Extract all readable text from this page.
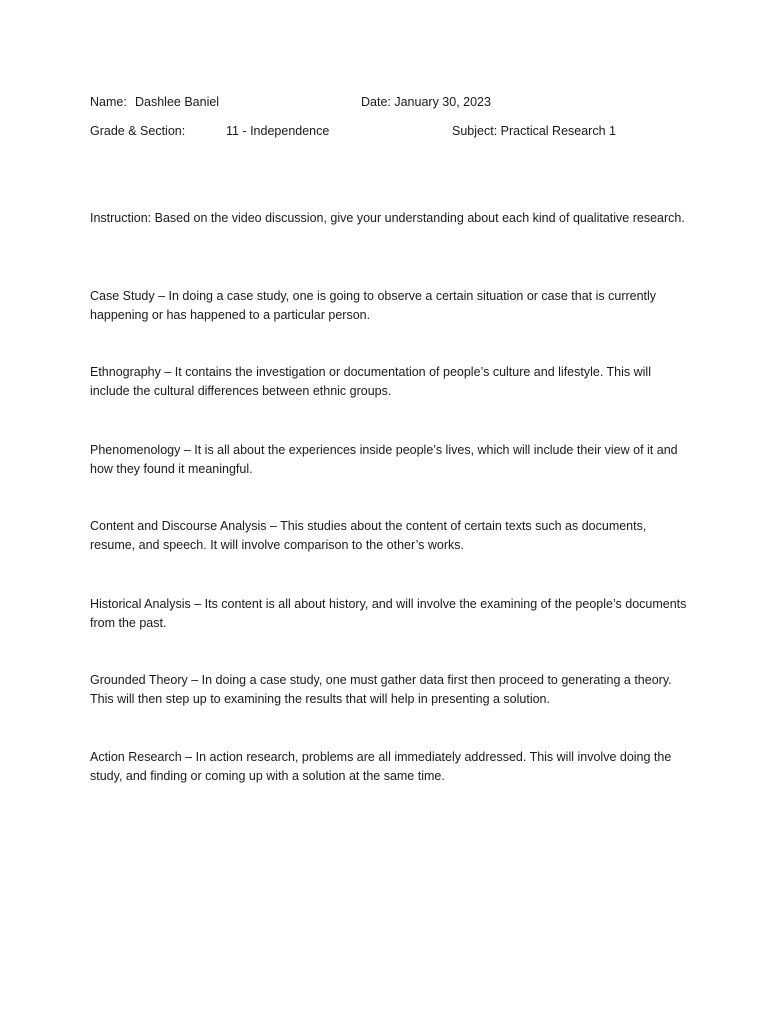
Name: Dashlee Baniel	Date: January 30, 2023
Grade & Section:	11 - Independence	Subject: Practical Research 1

Instruction: Based on the video discussion, give your understanding about each kind of qualitative research.

Case Study – In doing a case study, one is going to observe a certain situation or case that is currently happening or has happened to a particular person.

Ethnography – It contains the investigation or documentation of people’s culture and lifestyle. This will include the cultural differences between ethnic groups.

Phenomenology – It is all about the experiences inside people’s lives, which will include their view of it and how they found it meaningful.

Content and Discourse Analysis – This studies about the content of certain texts such as documents, resume, and speech. It will involve comparison to the other’s works.

Historical Analysis – Its content is all about history, and will involve the examining of the people’s documents from the past.

Grounded Theory – In doing a case study, one must gather data first then proceed to generating a theory. This will then step up to examining the results that will help in presenting a solution.

Action Research – In action research, problems are all immediately addressed. This will involve doing the study, and finding or coming up with a solution at the same time.
